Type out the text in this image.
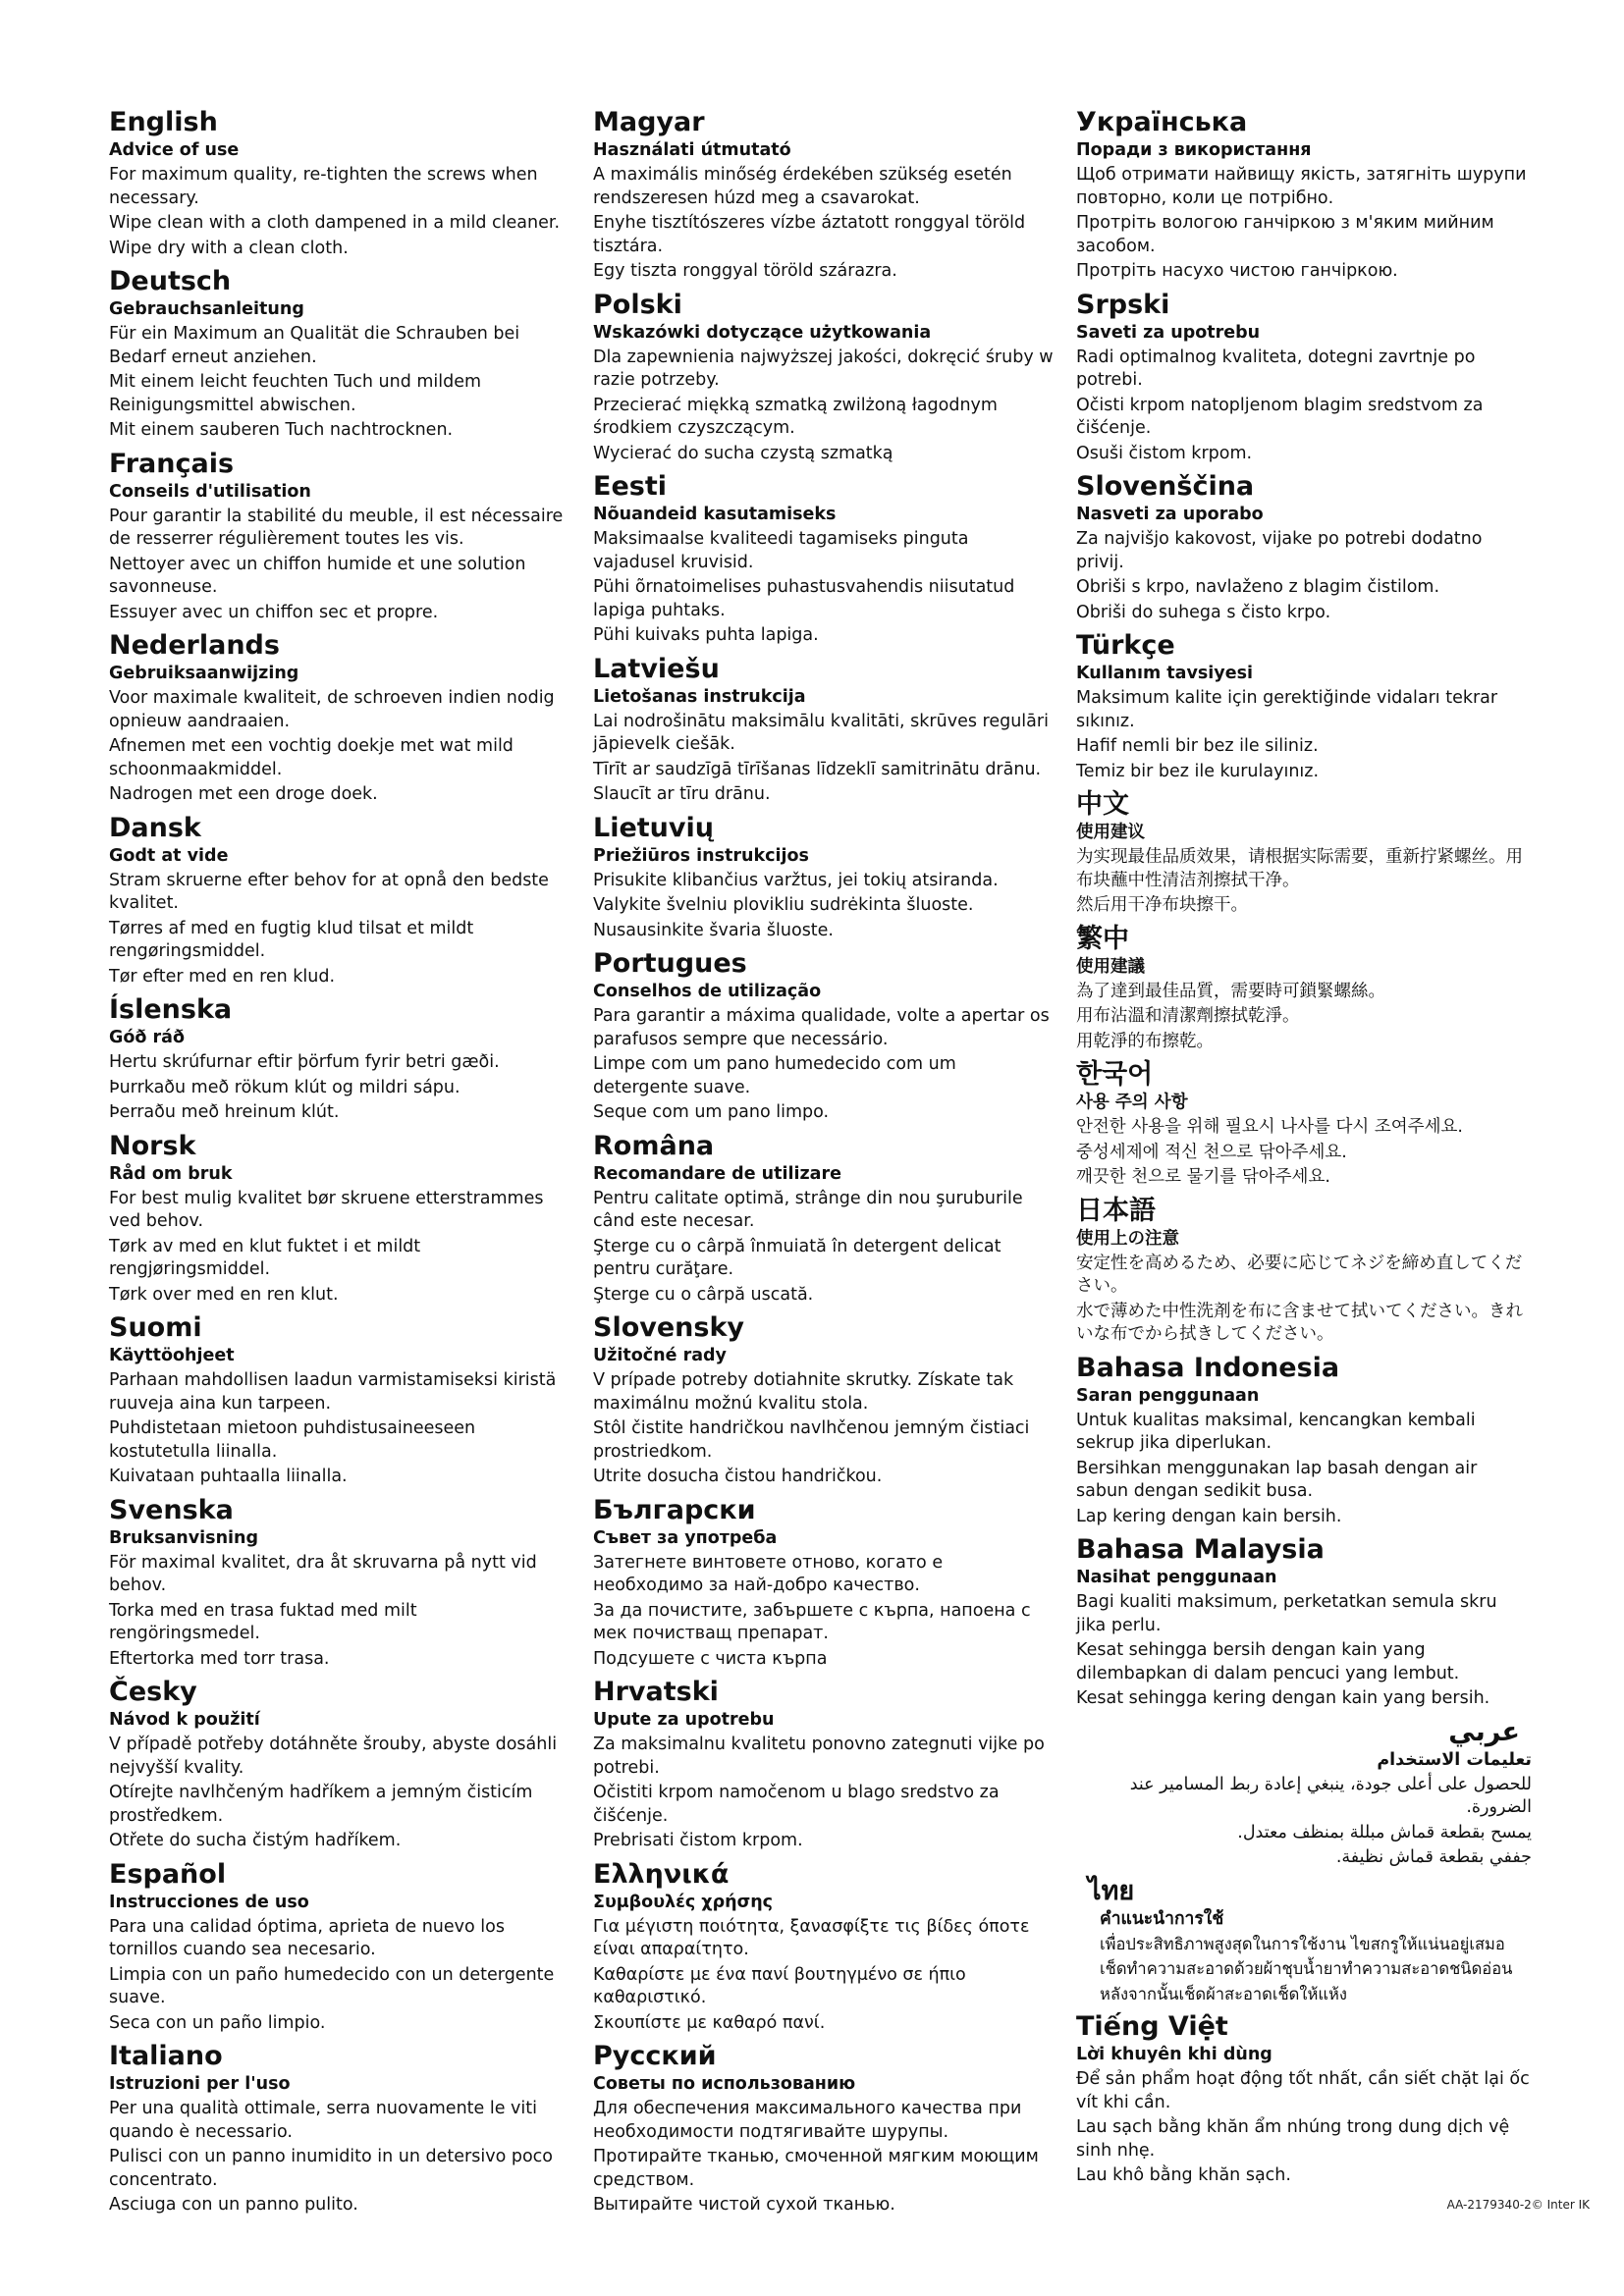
English
Advice of use
For maximum quality, re-tighten the screws when necessary.
Wipe clean with a cloth dampened in a mild cleaner.
Wipe dry with a clean cloth.
Deutsch
Gebrauchsanleitung
Für ein Maximum an Qualität die Schrauben bei Bedarf erneut anziehen.
Mit einem leicht feuchten Tuch und mildem Reinigungsmittel abwischen.
Mit einem sauberen Tuch nachtrocknen.
Français
Conseils d'utilisation
Pour garantir la stabilité du meuble, il est nécessaire de resserrer régulièrement toutes les vis.
Nettoyer avec un chiffon humide et une solution savonneuse.
Essuyer avec un chiffon sec et propre.
Nederlands
Gebruiksaanwijzing
Voor maximale kwaliteit, de schroeven indien nodig opnieuw aandraaien.
Afnemen met een vochtig doekje met wat mild schoonmaakmiddel.
Nadrogen met een droge doek.
Dansk
Godt at vide
Stram skruerne efter behov for at opnå den bedste kvalitet.
Tørres af med en fugtig klud tilsat et mildt rengøringsmiddel.
Tør efter med en ren klud.
Íslenska
Góð ráð
Hertu skrúfurnar eftir þörfum fyrir betri gæði.
Þurrkaðu með rökum klút og mildri sápu.
Þerraðu með hreinum klút.
Norsk
Råd om bruk
For best mulig kvalitet bør skruene etterstrammes ved behov.
Tørk av med en klut fuktet i et mildt rengjøringsmiddel.
Tørk over med en ren klut.
Suomi
Käyttöohjeet
Parhaan mahdollisen laadun varmistamiseksi kiristä ruuveja aina kun tarpeen.
Puhdistetaan mietoon puhdistusaineeseen kostutetulla liinalla.
Kuivataan puhtaalla liinalla.
Svenska
Bruksanvisning
För maximal kvalitet, dra åt skruvarna på nytt vid behov.
Torka med en trasa fuktad med milt rengöringsmedel.
Eftertorka med torr trasa.
Česky
Návod k použití
V případě potřeby dotáhněte šrouby, abyste dosáhli nejvyšší kvality.
Otírejte navlhčeným hadříkem a jemným čisticím prostředkem.
Otřete do sucha čistým hadříkem.
Español
Instrucciones de uso
Para una calidad óptima, aprieta de nuevo los tornillos cuando sea necesario.
Limpia con un paño humedecido con un detergente suave.
Seca con un paño limpio.
Italiano
Istruzioni per l'uso
Per una qualità ottimale, serra nuovamente le viti quando è necessario.
Pulisci con un panno inumidito in un detersivo poco concentrato.
Asciuga con un panno pulito.
Magyar
Használati útmutató
A maximális minőség érdekében szükség esetén rendszeresen húzd meg a csavarokat.
Enyhe tisztítószeres vízbe áztatott ronggyal töröld tisztára.
Egy tiszta ronggyal töröld szárazra.
Polski
Wskazówki dotyczące użytkowania
Dla zapewnienia najwyższej jakości, dokręcić śruby w razie potrzeby.
Przecierać miękką szmatką zwilżoną łagodnym środkiem czyszczącym.
Wycierać do sucha czystą szmatką
Eesti
Nõuandeid kasutamiseks
Maksimaalse kvaliteedi tagamiseks pinguta vajadusel kruvisid.
Pühi õrnatoimelises puhastusvahendis niisutatud lapiga puhtaks.
Pühi kuivaks puhta lapiga.
Latviešu
Lietošanas instrukcija
Lai nodrošinātu maksimālu kvalitāti, skrūves regulāri jāpievelk ciešāk.
Tīrīt ar saudzīgā tīrīšanas līdzeklī samitrinātu drānu.
Slaucīt ar tīru drānu.
Lietuvių
Priežiūros instrukcijos
Prisukite klibančius varžtus, jei tokių atsiranda.
Valykite švelniu plovikliu sudrėkinta šluoste.
Nusausinkite švaria šluoste.
Portugues
Conselhos de utilização
Para garantir a máxima qualidade, volte a apertar os parafusos sempre que necessário.
Limpe com um pano humedecido com um detergente suave.
Seque com um pano limpo.
Româna
Recomandare de utilizare
Pentru calitate optimă, strânge din nou şuruburile când este necesar.
Şterge cu o cârpă înmuiată în detergent delicat pentru curăţare.
Şterge cu o cârpă uscată.
Slovensky
Užitočné rady
V prípade potreby dotiahnite skrutky. Získate tak maximálnu možnú kvalitu stola.
Stôl čistite handričkou navlhčenou jemným čistiaci prostriedkom.
Utrite dosucha čistou handričkou.
Български
Съвет за употреба
Затегнете винтовете отново, когато е необходимо за най-добро качество.
За да почистите, забършете с кърпа, напоена с мек почистващ препарат.
Подсушете с чиста кърпа
Hrvatski
Upute za upotrebu
Za maksimalnu kvalitetu ponovno zategnuti vijke po potrebi.
Očistiti krpom namočenom u blago sredstvo za čišćenje.
Prebrisati čistom krpom.
Ελληνικά
Συμβουλές χρήσης
Για μέγιστη ποιότητα, ξανασφίξτε τις βίδες όποτε είναι απαραίτητο.
Καθαρίστε με ένα πανί βουτηγμένο σε ήπιο καθαριστικό.
Σκουπίστε με καθαρό πανί.
Русский
Советы по использованию
Для обеспечения максимального качества при необходимости подтягивайте шурупы.
Протирайте тканью, смоченной мягким моющим средством.
Вытирайте чистой сухой тканью.
Українська
Поради з використання
Щоб отримати найвищу якість, затягніть шурупи повторно, коли це потрібно.
Протріть вологою ганчіркою з м'яким мийним засобом.
Протріть насухо чистою ганчіркою.
Srpski
Saveti za upotrebu
Radi optimalnog kvaliteta, dotegni zavrtnje po potrebi.
Očisti krpom natopljenom blagim sredstvom za čišćenje.
Osuši čistom krpom.
Slovenščina
Nasveti za uporabo
Za najvišjo kakovost, vijake po potrebi dodatno privij.
Obriši s krpo, navlaženo z blagim čistilom.
Obriši do suhega s čisto krpo.
Türkçe
Kullanım tavsiyesi
Maksimum kalite için gerektiğinde vidaları tekrar sıkınız.
Hafif nemli bir bez ile siliniz.
Temiz bir bez ile kurulayınız.
中文
使用建议
为实现最佳品质效果，请根据实际需要，重新拧紧螺丝。用布块蘸中性清洁剂擦拭干净。
然后用干净布块擦干。
繁中
使用建議
為了達到最佳品質，需要時可鎖緊螺絲。
用布沾溫和清潔劑擦拭乾淨。
用乾淨的布擦乾。
한국어
사용 주의 사항
안전한 사용을 위해 필요시 나사를 다시 조여주세요.
중성세제에 적신 천으로 닦아주세요.
깨끗한 천으로 물기를 닦아주세요.
日本語
使用上の注意
安定性を高めるため、必要に応じてネジを締め直してください。
水で薄めた中性洗剤を布に含ませて拭いてください。きれいな布でから拭きしてください。
Bahasa Indonesia
Saran penggunaan
Untuk kualitas maksimal, kencangkan kembali sekrup jika diperlukan.
Bersihkan menggunakan lap basah dengan air sabun dengan sedikit busa.
Lap kering dengan kain bersih.
Bahasa Malaysia
Nasihat penggunaan
Bagi kualiti maksimum, perketatkan semula skru jika perlu.
Kesat sehingga bersih dengan kain yang dilembapkan di dalam pencuci yang lembut.
Kesat sehingga kering dengan kain yang bersih.
عربي
تعليمات الاستخدام
للحصول على أعلى جودة، ينبغي إعادة ربط المسامير عند الضرورة.
يمسح بقطعة قماش مبللة بمنظف معتدل.
جففي بقطعة قماش نظيفة.
ไทย
คำแนะนำการใช้
เพื่อประสิทธิภาพสูงสุดในการใช้งาน ไขสกรูให้แน่นอยู่เสมอ
เช็ดทำความสะอาดด้วยผ้าชุบน้ำยาทำความสะอาดชนิดอ่อน
หลังจากนั้นเช็ดผ้าสะอาดเช็ดให้แห้ง
Tiếng Việt
Lời khuyên khi dùng
Để sản phẩm hoạt động tốt nhất, cần siết chặt lại ốc vít khi cần.
Lau sạch bằng khăn ẩm nhúng trong dung dịch vệ sinh nhẹ.
Lau khô bằng khăn sạch.
AA-2179340-2© Inter IK
